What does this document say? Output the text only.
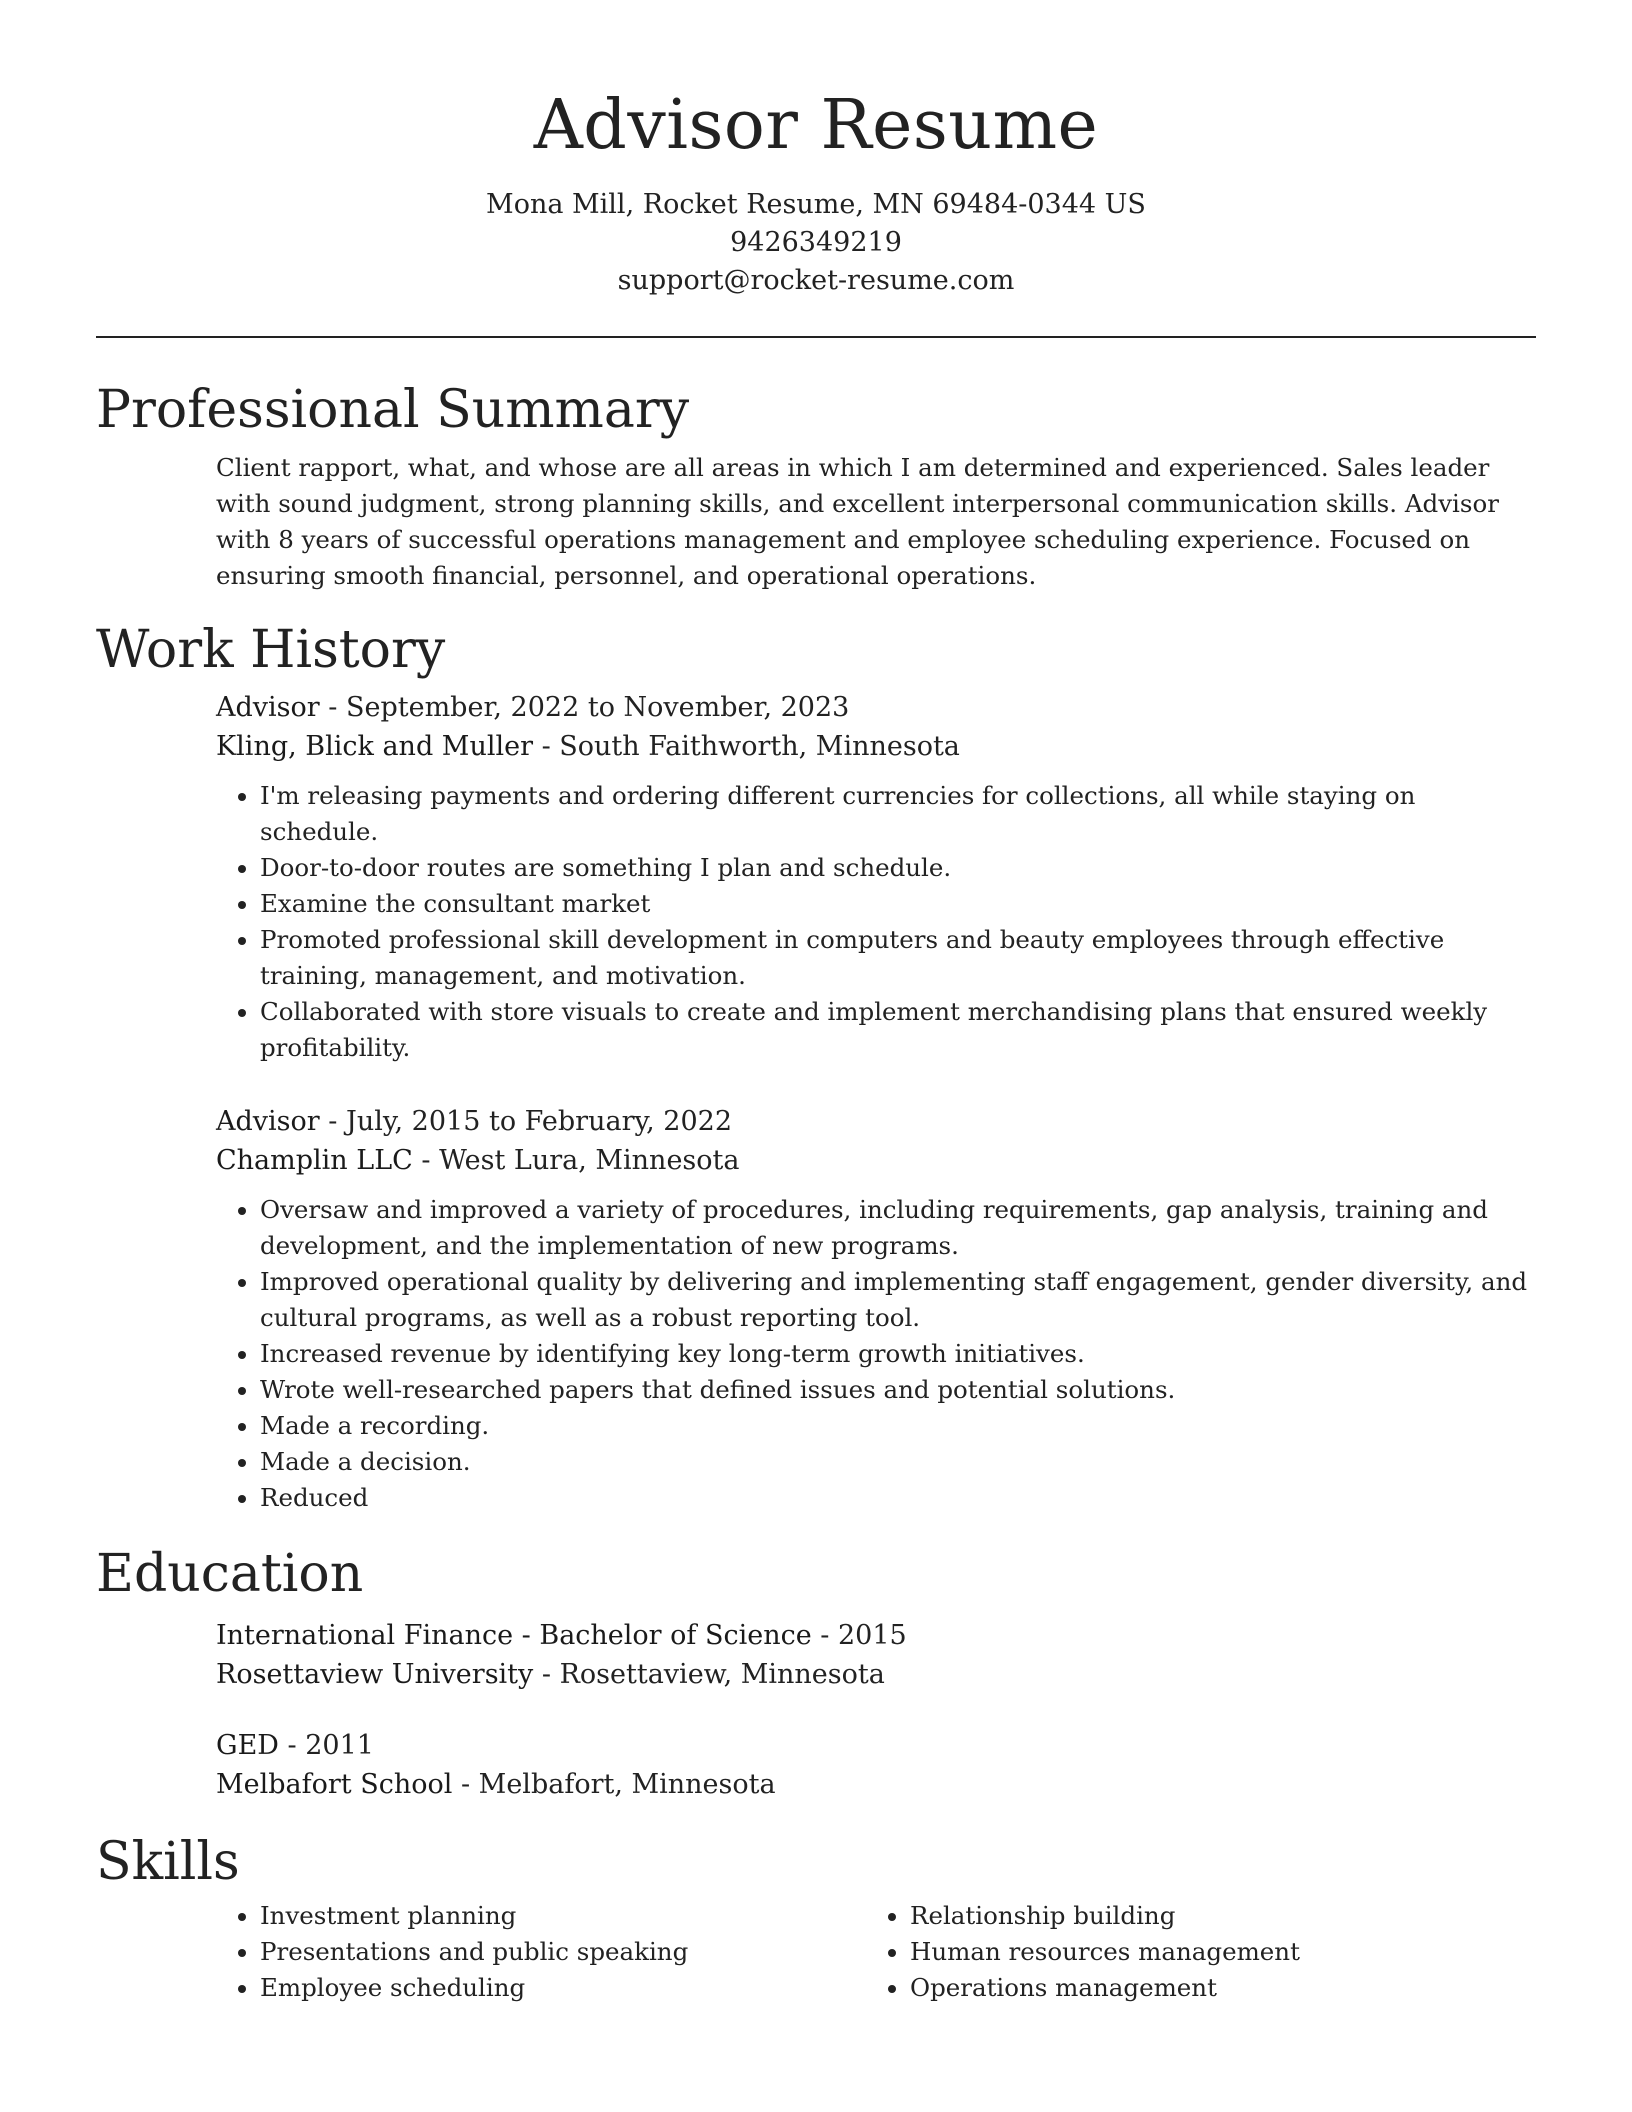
Advisor Resume

Mona Mill, Rocket Resume, MN 69484-0344 US

9426349219

support@rocket-resume.com

Professional Summary

Client rapport, what, and whose are all areas in which I am determined and experienced. Sales leader with sound judgment, strong planning skills, and excellent interpersonal communication skills. Advisor with 8 years of successful operations management and employee scheduling experience. Focused on ensuring smooth financial, personnel, and operational operations.

Work History

Advisor - September, 2022 to November, 2023

Kling, Blick and Muller - South Faithworth, Minnesota

• I'm releasing payments and ordering different currencies for collections, all while staying on schedule.
• Door-to-door routes are something I plan and schedule.
• Examine the consultant market
• Promoted professional skill development in computers and beauty employees through effective training, management, and motivation.
• Collaborated with store visuals to create and implement merchandising plans that ensured weekly profitability.

Advisor - July, 2015 to February, 2022

Champlin LLC - West Lura, Minnesota

• Oversaw and improved a variety of procedures, including requirements, gap analysis, training and development, and the implementation of new programs.
• Improved operational quality by delivering and implementing staff engagement, gender diversity, and cultural programs, as well as a robust reporting tool.
• Increased revenue by identifying key long-term growth initiatives.
• Wrote well-researched papers that defined issues and potential solutions.
• Made a recording.
• Made a decision.
• Reduced
Education

International Finance - Bachelor of Science - 2015

Rosettaview University - Rosettaview, Minnesota

GED - 2011

Melbafort School - Melbafort, Minnesota

Skills
• Investment planning
• Presentations and public speaking
• Employee scheduling
• Relationship building
• Human resources management
• Operations management
